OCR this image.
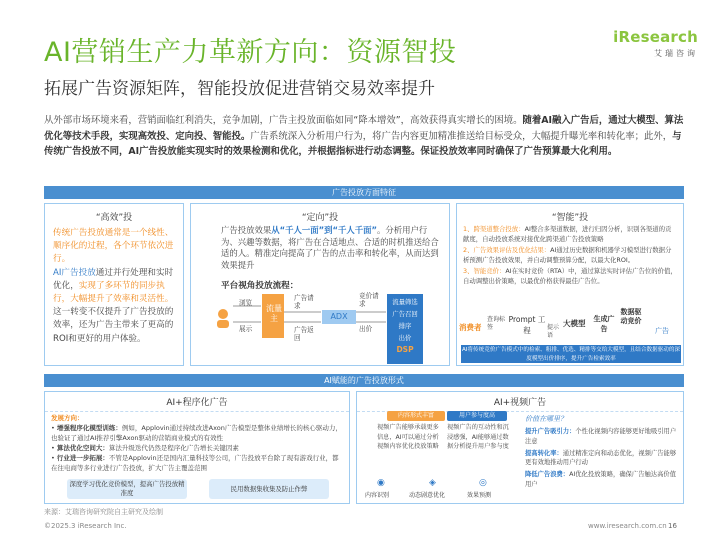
AI营销生产力革新方向：资源智投
拓展广告资源矩阵，智能投放促进营销交易效率提升
iResearch
艾瑞咨询
从外部市场环境来看，营销面临红利消失，竞争加剧，广告主投放面临如同“降本增效”，高效获得真实增长的困境。随着AI融入广告后，通过大模型、算法优化等技术手段，实现高效投、定向投、智能投。广告系统深入分析用户行为，将广告内容更加精准推送给目标受众，大幅提升曝光率和转化率；此外，与传统广告投放不同，AI广告投放能实现实时的效果检测和优化，并根据指标进行动态调整。保证投放效率同时确保了广告预算最大化利用。
广告投放方面特征
“高效”投
传统广告投放通常是一个线性、顺序化的过程，各个环节依次进行。
AI广告投放通过并行处理和实时优化，实现了多环节的同步执行，大幅提升了效率和灵活性。
这一转变不仅提升了广告投放的效率，还为广告主带来了更高的ROI和更好的用户体验。
“定向”投
广告投放效果从“千人一面”到“千人千面”。分析用户行为、兴趣等数据，将广告在合适地点、合适的时机推送给合适的人。精准定向提高了广告的点击率和转化率，从而达到效果提升
平台视角投放流程：
流量主	ADX
流量筛选
广告召回
排序
出价
DSP
浏览
展示
广告请求
广告返回
竞价请求
出价
“智能”投
1、跨渠道整合投放：AI整合多渠道数据，进行归因分析，识别各渠道的贡献度，自动投放系统对接优化跨渠道广告投放策略
2、广告效果评估及优化结果：AI通过历史数据和机器学习模型进行数据分析预测广告投放效果，并自动调整预算分配，以最大化ROI。
3、智能竞价：AI在实时竞价（RTA）中，通过算法实时评估广告位的价值，自动调整出价策略，以最优价格获得最佳广告位。
消费者
查询标签
Prompt 工程	提示语
大模型 生成广告
数据驱动竞价
广告
AI将传统竞价广告模式中的检索、粗排、优选、精排等交给大模型，且结合数据驱动的深度模型出价排序，提升广告检索效率
AI赋能的广告投放形式
AI+程序化广告
发展方向：
• 增强程序化模型训练：例如，Applovin通过持续改进Axon广告模型是整体业绩增长的核心驱动力，也验证了通过AI推荐引擎Axon驱动的营销商业模式的有效性
• 算法优化空间大：算法升级迭代仍然是程序化广告增长关键因素
• 行业进一步拓展：不管是Applovin还是国内汇量科技等公司，广告投放平台除了现有游戏行业，都在往电商等多行业进行广告投放，扩大广告主覆盖范围
深度学习优化竞价模型，提高广告投放精准度	民用数据集收集及防止作弊
AI+视频广告
内容形式丰富	用户参与度高
视频广告能够承载更多信息，AI可以通过分析视频内容优化投放策略
视频广告的互动性和沉浸感强，AI能够通过数据分析提升用户参与度
◉	◈	◎
内容识别	动态剧意优化	效果预测
价值在哪里？
提升广告吸引力：个性化视频内容能够更好地吸引用户注意
提高转化率：通过精准定向和动态优化，视频广告能够更有效地推动用户行动
降低广告浪费：AI优化投放策略，确保广告触达高价值用户
来源：艾瑞咨询研究院自主研究及绘制
©2025.3 iResearch Inc.	www.iresearch.com.cn 16
